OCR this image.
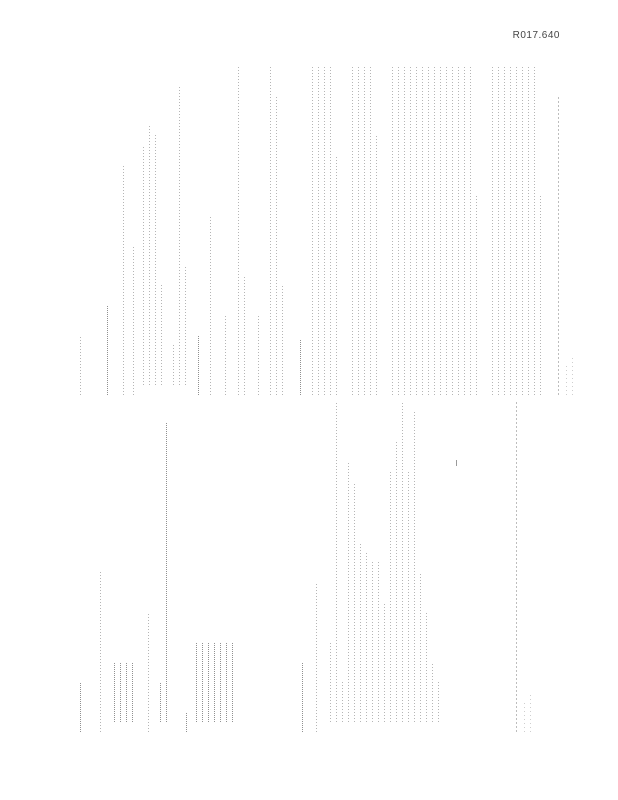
R017.640
